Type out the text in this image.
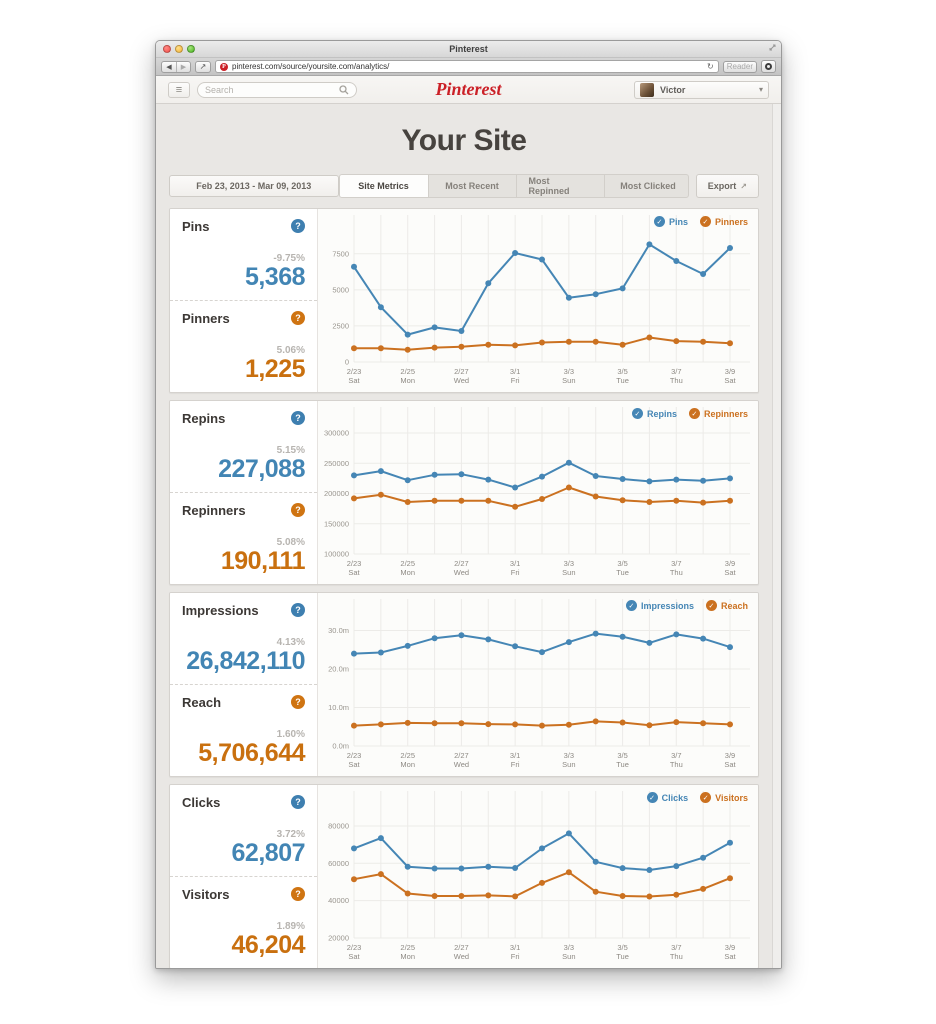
Pinterest
◀	▶	↗	P pinterest.com/source/yoursite.com/analytics/	↻	Reader
≡
Search	Pinterest	Victor	▾
Your Site
Feb 23, 2013 - Mar 09, 2013	Site Metrics	Most Recent	Most Repinned	Most Clicked	Export ↗
Pins	?
-9.75%
5,368
Pinners	?
5.06%
1,225	0
2500
5000
7500
2/23
Sat
2/25
Mon
2/27
Wed
3/1
Fri
3/3
Sun
3/5
Tue
3/7
Thu
3/9
Sat
✓ Pins	✓ Pinners
Repins	?
5.15%
227,088
Repinners	?
5.08%
190,111	100000
150000
200000
250000
300000
2/23
Sat
2/25
Mon
2/27
Wed
3/1
Fri
3/3
Sun
3/5
Tue
3/7
Thu
3/9
Sat
✓ Repins	✓ Repinners
Impressions	?
4.13%
26,842,110
Reach	?
1.60%
5,706,644	0.0m
10.0m
20.0m
30.0m
2/23
Sat
2/25
Mon
2/27
Wed
3/1
Fri
3/3
Sun
3/5
Tue
3/7
Thu
3/9
Sat
✓ Impressions	✓ Reach
Clicks	?
3.72%
62,807
Visitors	?
1.89%
46,204	20000
40000
60000
80000
2/23
Sat
2/25
Mon
2/27
Wed
3/1
Fri
3/3
Sun
3/5
Tue
3/7
Thu
3/9
Sat
✓ Clicks	✓ Visitors
